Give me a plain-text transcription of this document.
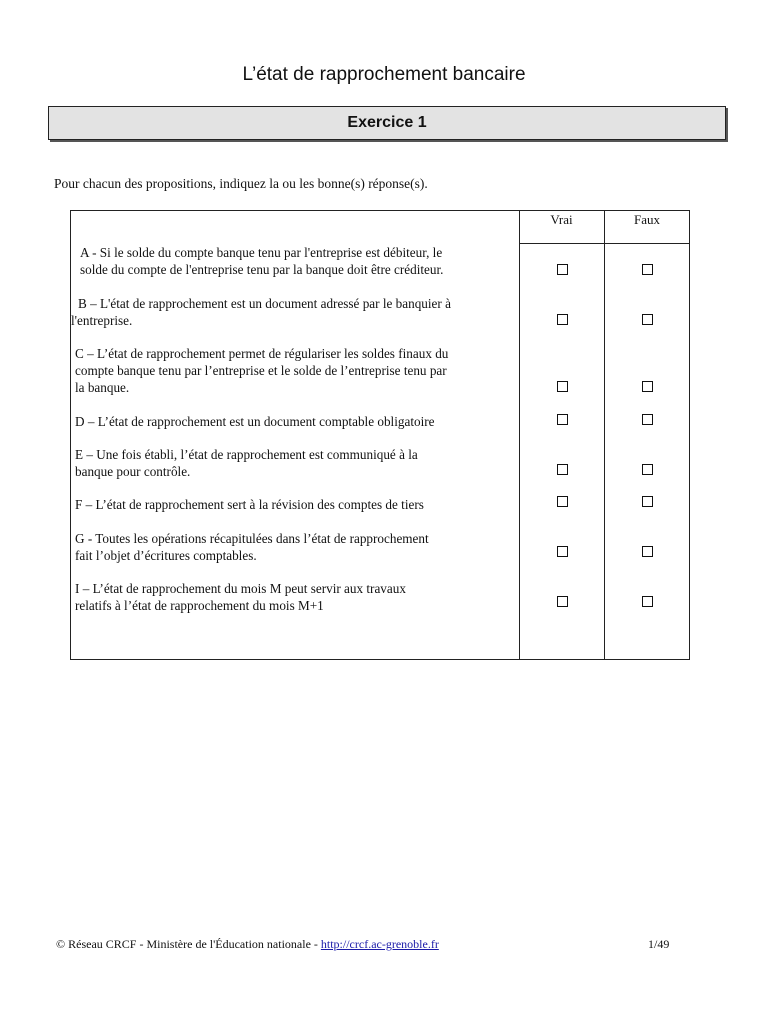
L’état de rapprochement bancaire
Exercice 1
Pour chacun des propositions, indiquez la ou les bonne(s) réponse(s).
Vrai	Faux
A - Si le solde du compte banque tenu par l'entreprise est débiteur, le
solde du compte de l'entreprise tenu par la banque doit être créditeur.
B – L'état de rapprochement est un document adressé par le banquier à
l'entreprise.
C – L’état de rapprochement permet de régulariser les soldes finaux du
compte banque tenu par l’entreprise et le solde de l’entreprise tenu par
la banque.
D – L’état de rapprochement est un document comptable obligatoire
E – Une fois établi, l’état de rapprochement est communiqué à la
banque pour contrôle.
F – L’état de rapprochement sert à la révision des comptes de tiers
G - Toutes les opérations récapitulées dans l’état de rapprochement
fait l’objet d’écritures comptables.
I – L’état de rapprochement du mois M peut servir aux travaux
relatifs à l’état de rapprochement du mois M+1
© Réseau CRCF - Ministère de l'Éducation nationale - http://crcf.ac-grenoble.fr	1/49
